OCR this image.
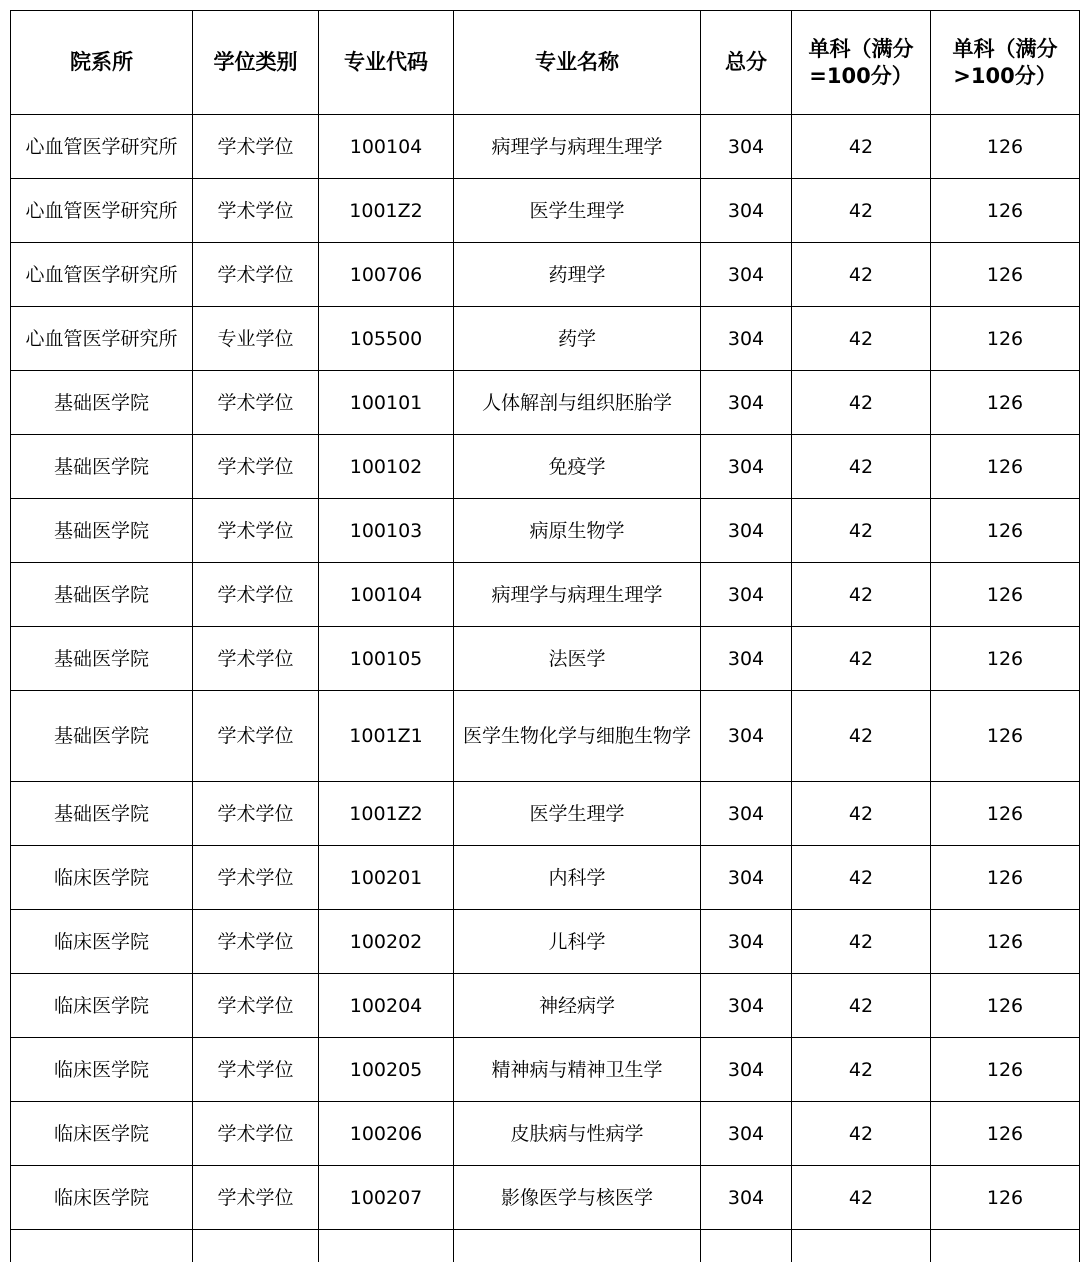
院系所	学位类别	专业代码	专业名称	总分	单科（满分=100分）	单科（满分>100分）
心血管医学研究所	学术学位	100104	病理学与病理生理学	304	42	126
心血管医学研究所	学术学位	1001Z2	医学生理学	304	42	126
心血管医学研究所	学术学位	100706	药理学	304	42	126
心血管医学研究所	专业学位	105500	药学	304	42	126
基础医学院	学术学位	100101	人体解剖与组织胚胎学	304	42	126
基础医学院	学术学位	100102	免疫学	304	42	126
基础医学院	学术学位	100103	病原生物学	304	42	126
基础医学院	学术学位	100104	病理学与病理生理学	304	42	126
基础医学院	学术学位	100105	法医学	304	42	126
基础医学院	学术学位	1001Z1	医学生物化学与细胞生物学	304	42	126
基础医学院	学术学位	1001Z2	医学生理学	304	42	126
临床医学院	学术学位	100201	内科学	304	42	126
临床医学院	学术学位	100202	儿科学	304	42	126
临床医学院	学术学位	100204	神经病学	304	42	126
临床医学院	学术学位	100205	精神病与精神卫生学	304	42	126
临床医学院	学术学位	100206	皮肤病与性病学	304	42	126
临床医学院	学术学位	100207	影像医学与核医学	304	42	126
